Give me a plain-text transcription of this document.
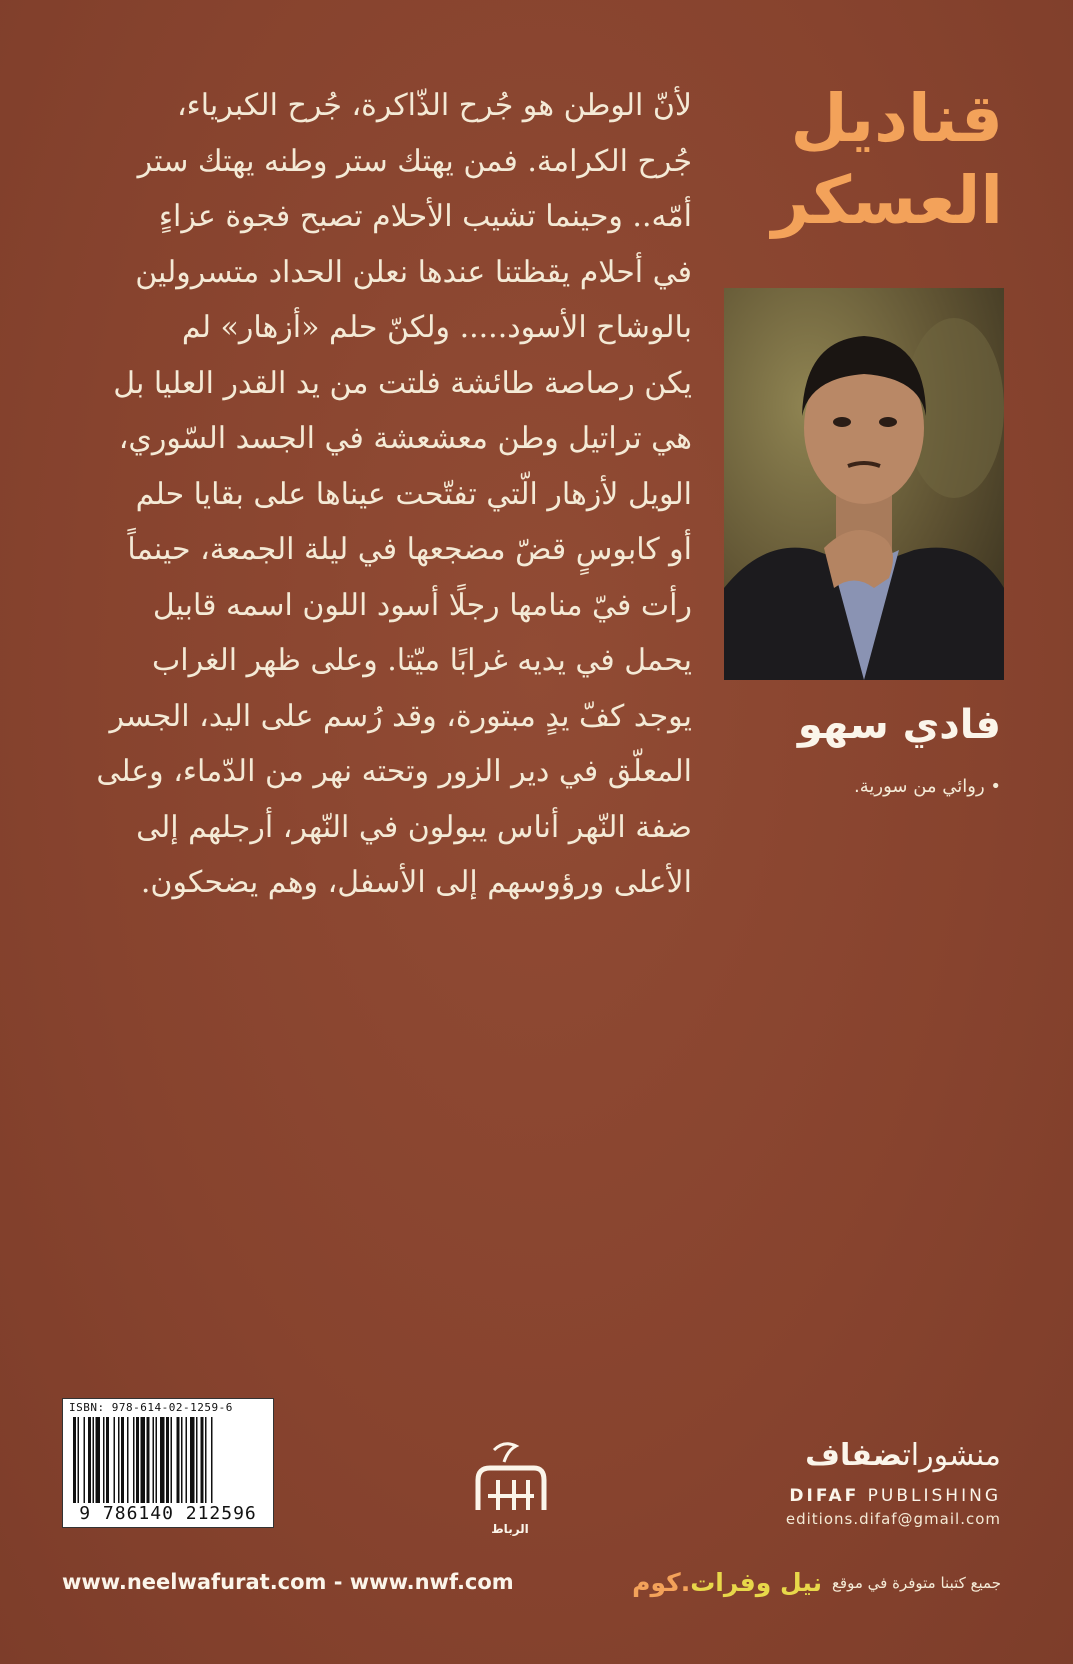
لأنّ الوطن هو جُرح الذّاكرة، جُرح الكبرياء،
جُرح الكرامة. فمن يهتك ستر وطنه يهتك ستر
أمّه.. وحينما تشيب الأحلام تصبح فجوة عزاءٍ
في أحلام يقظتنا عندها نعلن الحداد متسرولين
بالوشاح الأسود..... ولكنّ حلم «أزهار» لم
يكن رصاصة طائشة فلتت من يد القدر العليا بل
هي تراتيل وطن معشعشة في الجسد السّوري،
الويل لأزهار الّتي تفتّحت عيناها على بقايا حلم
أو كابوسٍ قضّ مضجعها في ليلة الجمعة، حينماً
رأت فيّ منامها رجلًا أسود اللون اسمه قابيل
يحمل في يديه غرابًا ميّتا. وعلى ظهر الغراب
يوجد كفّ يدٍ مبتورة، وقد رُسم على اليد، الجسر
المعلّق في دير الزور وتحته نهر من الدّماء، وعلى
ضفة النّهر أناس يبولون في النّهر، أرجلهم إلى
الأعلى ورؤوسهم إلى الأسفل، وهم يضحكون.
قناديل العسكر
فادي سهو
• روائي من سورية.
ISBN: 978-614-02-1259-6
9 786140 212596
الرباط
منشوراتضفاف
DIFAF PUBLISHING
editions.difaf@gmail.com
www.neelwafurat.com - www.nwf.com	جميع كتبنا متوفرة في موقع
نيل وفرات.كوم
